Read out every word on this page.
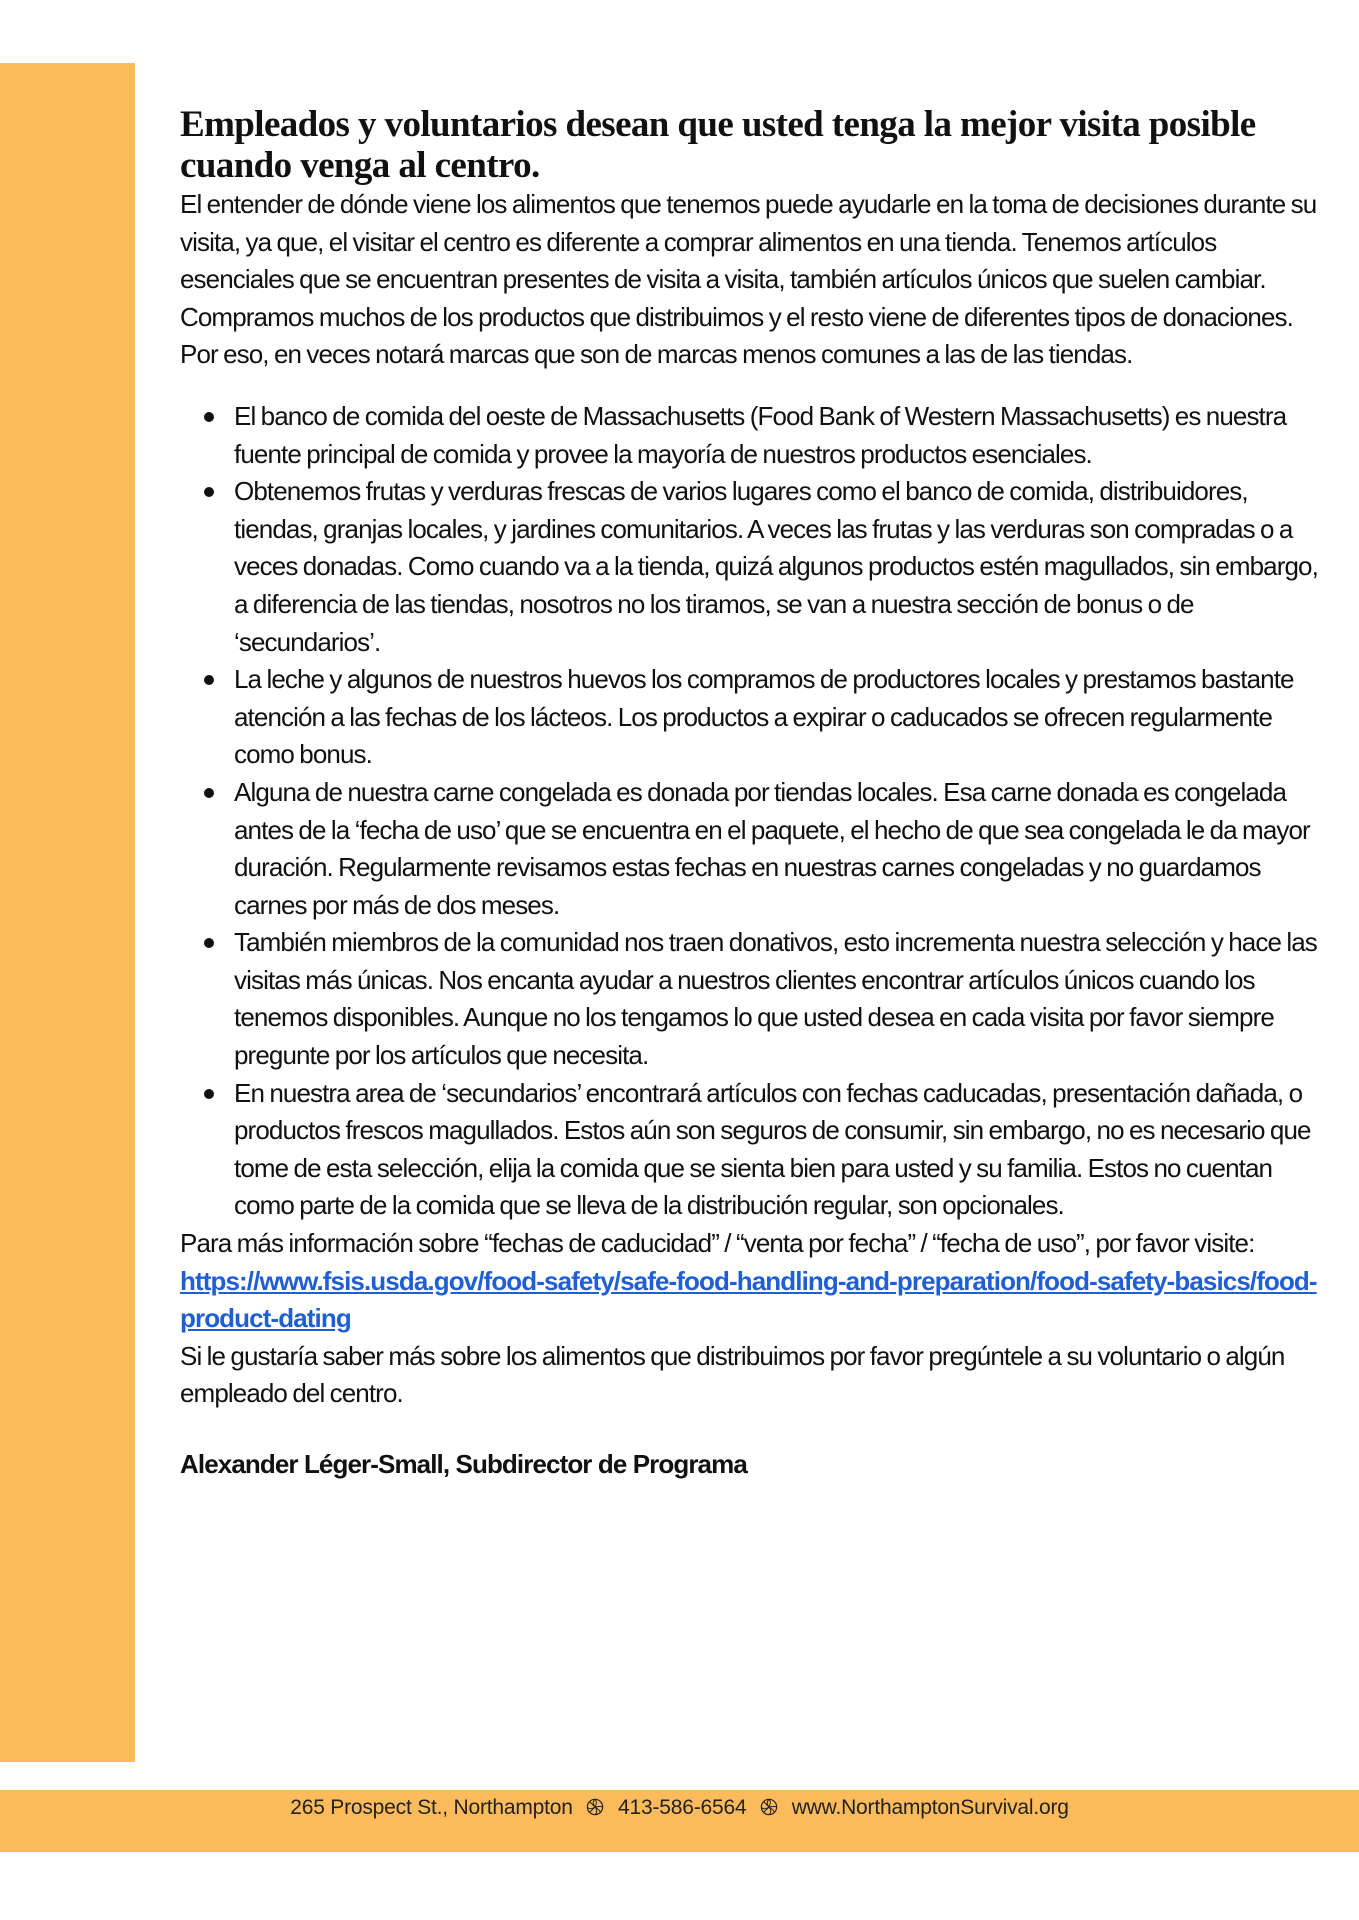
Empleados y voluntarios desean que usted tenga la mejor visita posible cuando venga al centro.

El entender de dónde viene los alimentos que tenemos puede ayudarle en la toma de decisiones durante su visita, ya que, el visitar el centro es diferente a comprar alimentos en una tienda. Tenemos artículos esenciales que se encuentran presentes de visita a visita, también artículos únicos que suelen cambiar. Compramos muchos de los productos que distribuimos y el resto viene de diferentes tipos de donaciones. Por eso, en veces notará marcas que son de marcas menos comunes a las de las tiendas.

El banco de comida del oeste de Massachusetts (Food Bank of Western Massachusetts) es nuestra fuente principal de comida y provee la mayoría de nuestros productos esenciales.
Obtenemos frutas y verduras frescas de varios lugares como el banco de comida, distribuidores, tiendas, granjas locales, y jardines comunitarios. A veces las frutas y las verduras son compradas o a veces donadas. Como cuando va a la tienda, quizá algunos productos estén magullados, sin embargo, a diferencia de las tiendas, nosotros no los tiramos, se van a nuestra sección de bonus o de ‘secundarios’.
La leche y algunos de nuestros huevos los compramos de productores locales y prestamos bastante atención a las fechas de los lácteos. Los productos a expirar o caducados se ofrecen regularmente como bonus.
Alguna de nuestra carne congelada es donada por tiendas locales. Esa carne donada es congelada antes de la ‘fecha de uso’ que se encuentra en el paquete, el hecho de que sea congelada le da mayor duración. Regularmente revisamos estas fechas en nuestras carnes congeladas y no guardamos carnes por más de dos meses.
También miembros de la comunidad nos traen donativos, esto incrementa nuestra selección y hace las visitas más únicas. Nos encanta ayudar a nuestros clientes encontrar artículos únicos cuando los tenemos disponibles. Aunque no los tengamos lo que usted desea en cada visita por favor siempre pregunte por los artículos que necesita.
En nuestra area de ‘secundarios’ encontrará artículos con fechas caducadas, presentación dañada, o productos frescos magullados. Estos aún son seguros de consumir, sin embargo, no es necesario que tome de esta selección, elija la comida que se sienta bien para usted y su familia. Estos no cuentan como parte de la comida que se lleva de la distribución regular, son opcionales.

Para más información sobre “fechas de caducidad” / “venta por fecha” / “fecha de uso”, por favor visite: https://www.fsis.usda.gov/food-safety/safe-food-handling-and-preparation/food-safety-basics/food-product-dating

Si le gustaría saber más sobre los alimentos que distribuimos por favor pregúntele a su voluntario o algún empleado del centro.

Alexander Léger-Small, Subdirector de Programa
265 Prospect St., Northampton 413-586-6564 www.NorthamptonSurvival.org
